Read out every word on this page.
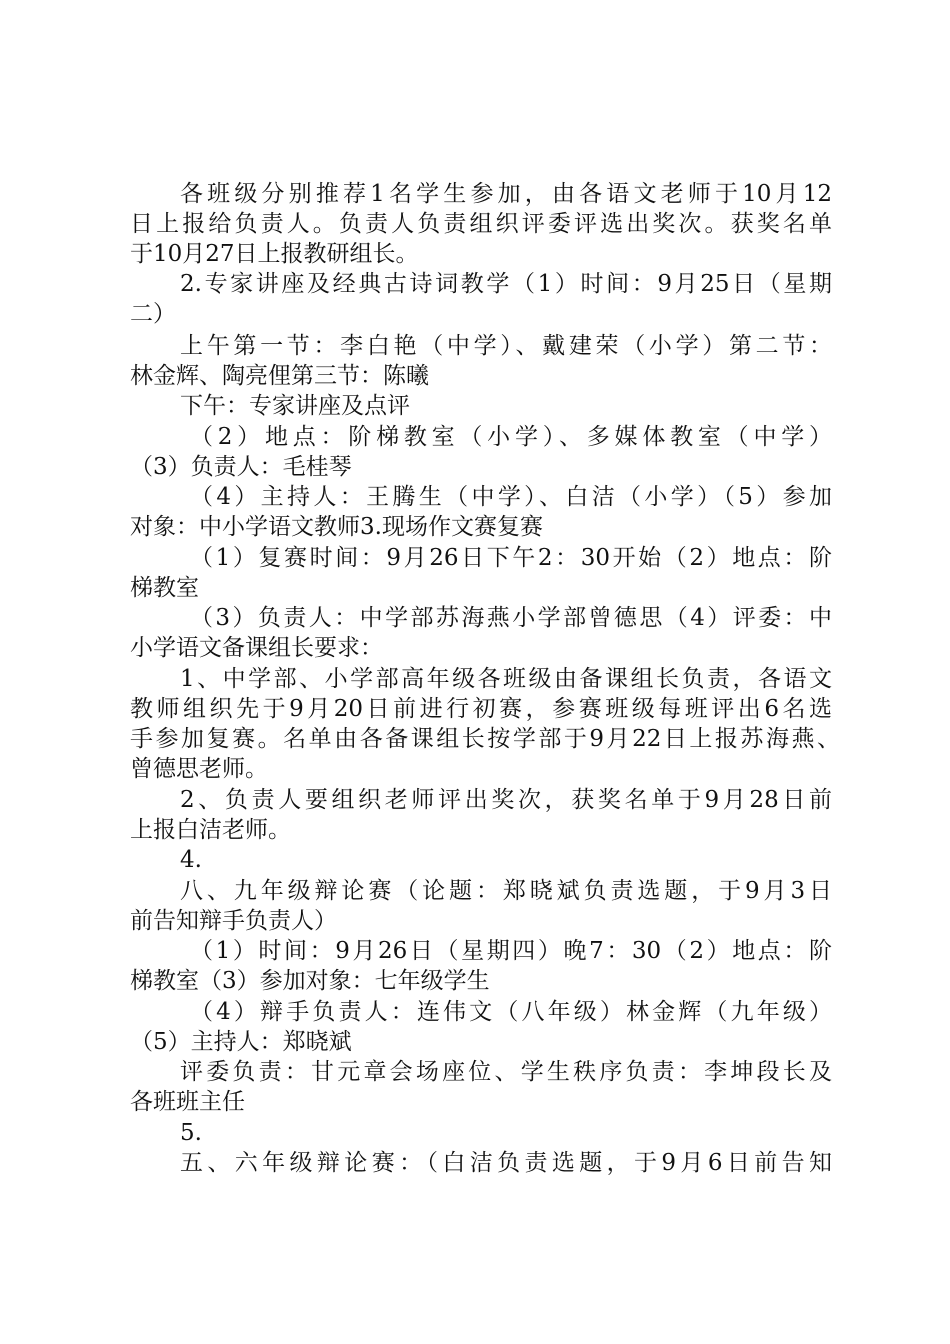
各班级分别推荐1名学生参加，由各语文老师于10月12
日上报给负责人。负责人负责组织评委评选出奖次。获奖名单
于10月27日上报教研组长。
2.专家讲座及经典古诗词教学（1）时间：9月25日（星期
二）
上午第一节：李白艳（中学）、戴建荣（小学）第二节：
林金辉、陶亮俚第三节：陈曦
下午：专家讲座及点评
（2）地点：阶梯教室（小学）、多媒体教室（中学）
（3）负责人：毛桂琴
（4）主持人：王腾生（中学）、白洁（小学）（5）参加
对象：中小学语文教师3.现场作文赛复赛
（1）复赛时间：9月26日下午2：30开始（2）地点：阶
梯教室
（3）负责人：中学部苏海燕小学部曾德思（4）评委：中
小学语文备课组长要求：
1、中学部、小学部高年级各班级由备课组长负责，各语文
教师组织先于9月20日前进行初赛，参赛班级每班评出6名选
手参加复赛。名单由各备课组长按学部于9月22日上报苏海燕、
曾德思老师。
2、负责人要组织老师评出奖次，获奖名单于9月28日前
上报白洁老师。
4.
八、九年级辩论赛（论题：郑晓斌负责选题，于9月3日
前告知辩手负责人）
（1）时间：9月26日（星期四）晚7：30（2）地点：阶
梯教室（3）参加对象：七年级学生
（4）辩手负责人：连伟文（八年级）林金辉（九年级）
（5）主持人：郑晓斌
评委负责：甘元章会场座位、学生秩序负责：李坤段长及
各班班主任
5.
五、六年级辩论赛：（白洁负责选题，于9月6日前告知
